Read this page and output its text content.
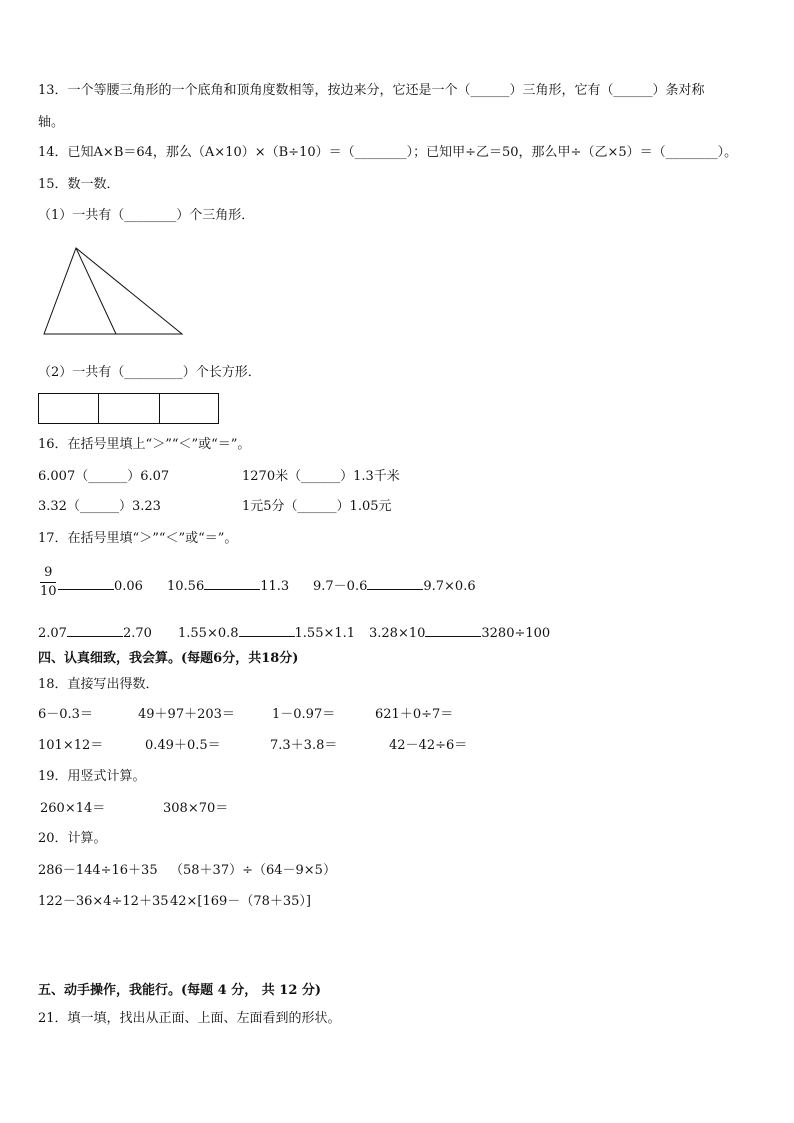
13．一个等腰三角形的一个底角和顶角度数相等，按边来分，它还是一个（______）三角形，它有（______）条对称
轴。
14．已知A×B＝64，那么（A×10）×（B÷10）＝（________）；已知甲÷乙＝50，那么甲÷（乙×5）＝（________）。
15．数一数．
（1）一共有（________）个三角形．
（2）一共有（_________）个长方形．
16．在括号里填上“＞”“＜”或“＝”。
6.007（______）6.07	1270米（______）1.3千米
3.32（______）3.23	1元5分（______）1.05元
17．在括号里填“＞”“＜”或“＝”。
9
10	0.06 10.56	11.3 9.7－0.6	9.7×0.6
2.07	2.70 1.55×0.8	1.55×1.1 3.28×10	3280÷100
四、认真细致，我会算。(每题6分，共18分)
18．直接写出得数．
6－0.3＝	49＋97＋203＝	1－0.97＝	621＋0÷7＝
101×12＝	0.49＋0.5＝	7.3＋3.8＝	42－42÷6＝
19．用竖式计算。
260×14＝	308×70＝
20．计算。
286－144÷16＋35 （58＋37）÷（64－9×5）
122－36×4÷12＋35 42×[169－（78＋35）]
五、动手操作，我能行。(每题 4 分， 共 12 分)
21．填一填，找出从正面、上面、左面看到的形状。
